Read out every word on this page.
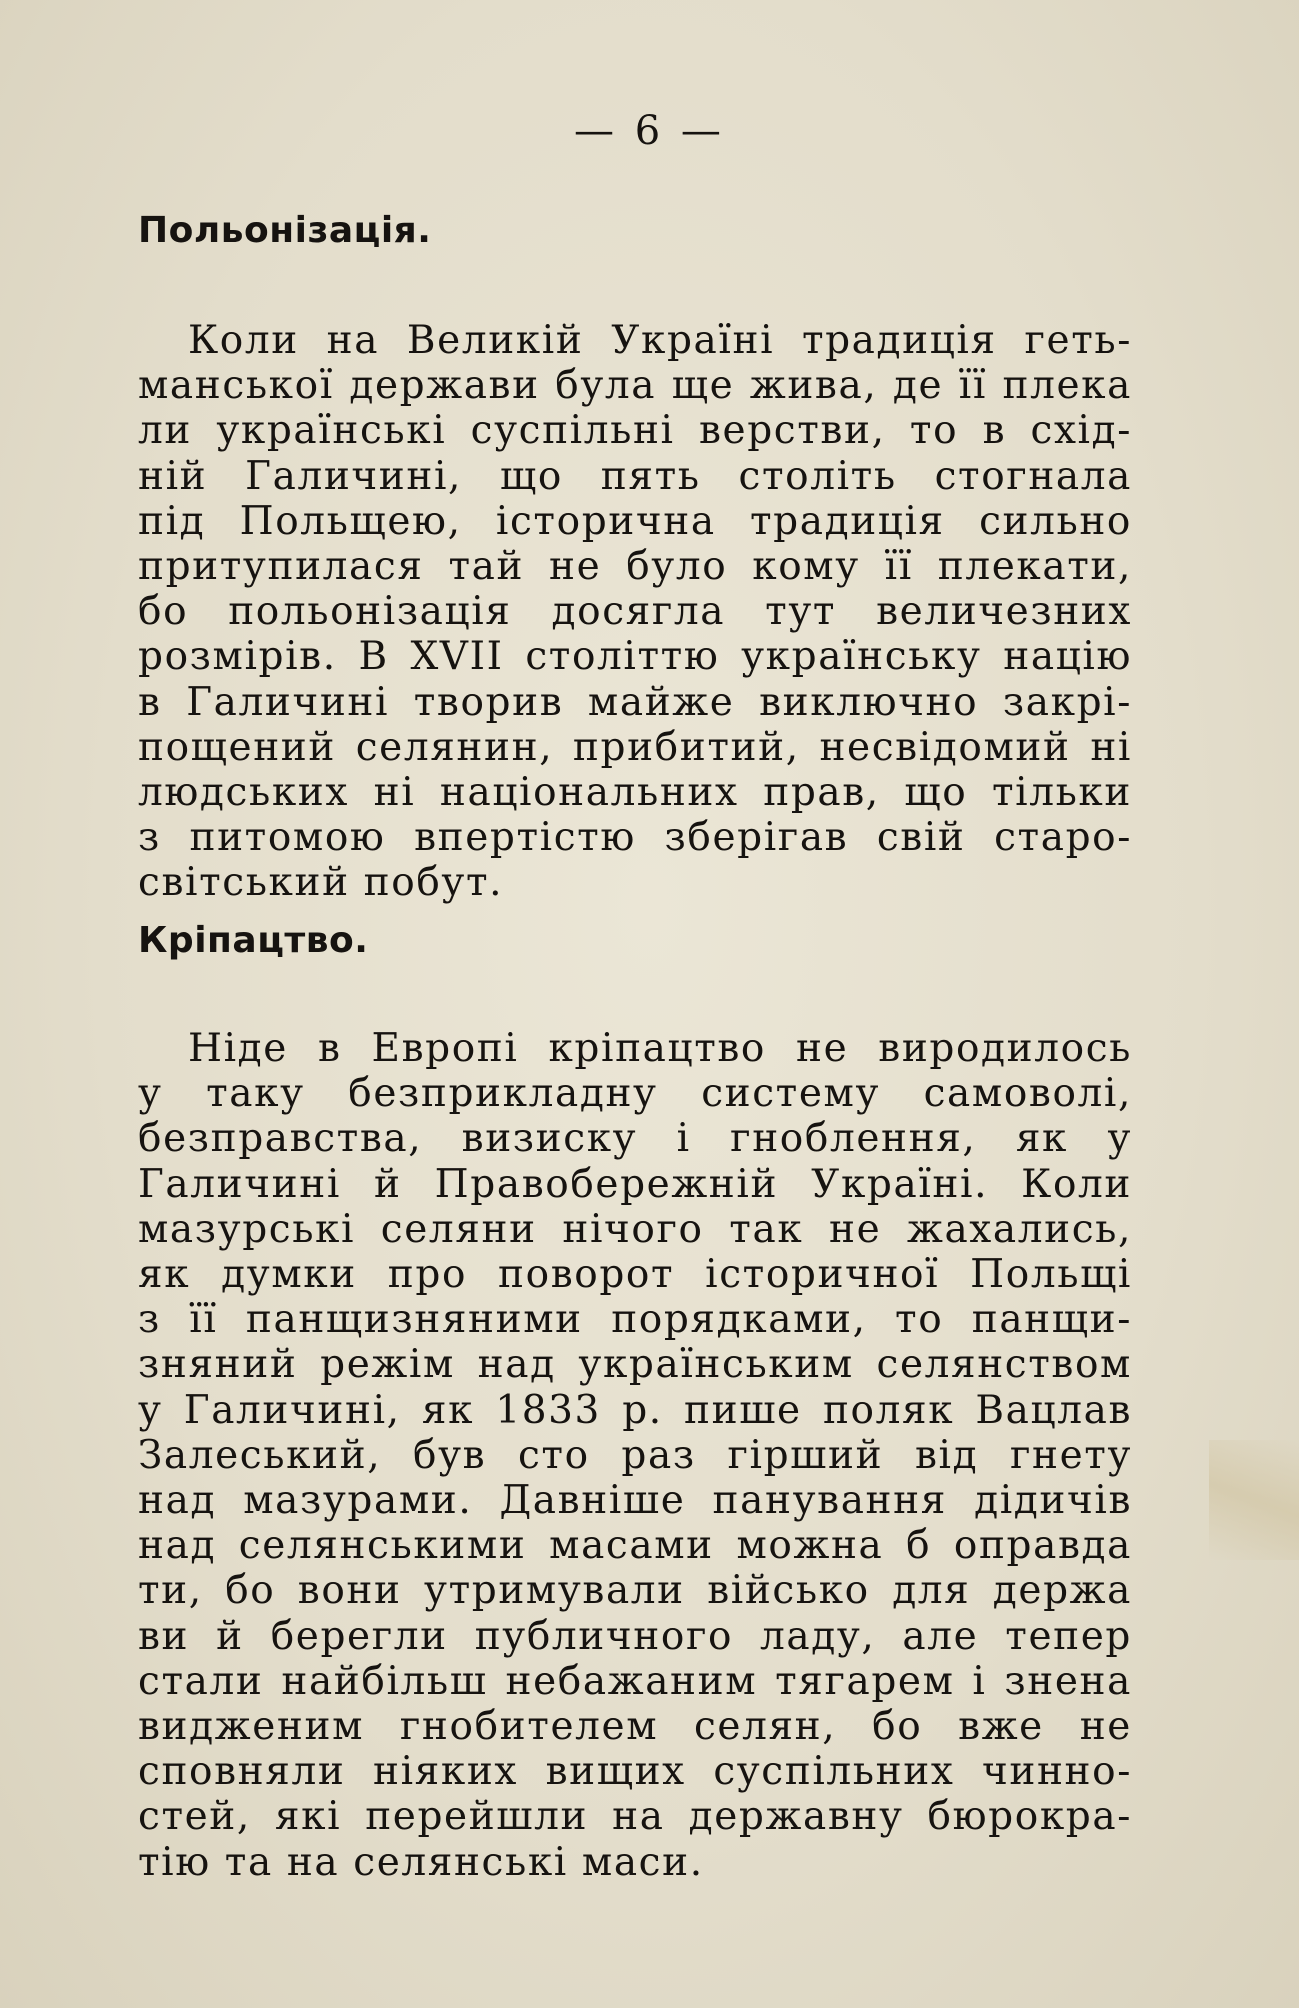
— 6 —
Польонізація.

Коли на Великій Україні традиція геть-
манської держави була ще жива, де її плека
ли українські суспільні верстви, то в схід-
ній Галичині, що пять століть стогнала
під Польщею, історична традиція сильно
притупилася тай не було кому її плекати,
бо польонізація досягла тут величезних
розмірів. В XVII століттю українську націю
в Галичині творив майже виключно закрі-
пощений селянин, прибитий, несвідомий ні
людських ні національних прав, що тільки
з питомою впертістю зберігав свій старо-
світський побут.

Кріпацтво.

Ніде в Европі кріпацтво не виродилось
у таку безприкладну систему самоволі,
безправства, визиску і гноблення, як у
Галичині й Правобережній Україні. Коли
мазурські селяни нічого так не жахались,
як думки про поворот історичної Польщі
з її панщизняними порядками, то панщи-
зняний режім над українським селянством
у Галичині, як 1833 р. пише поляк Вацлав
Залеський, був сто раз гірший від гнету
над мазурами. Давніше панування дідичів
над селянськими масами можна б оправда
ти, бо вони утримували військо для держа
ви й берегли публичного ладу, але тепер
стали найбільш небажаним тягарем і знена
видженим гнобителем селян, бо вже не
сповняли ніяких вищих суспільних чинно-
стей, які перейшли на державну бюрокра-
тію та на селянські маси.
